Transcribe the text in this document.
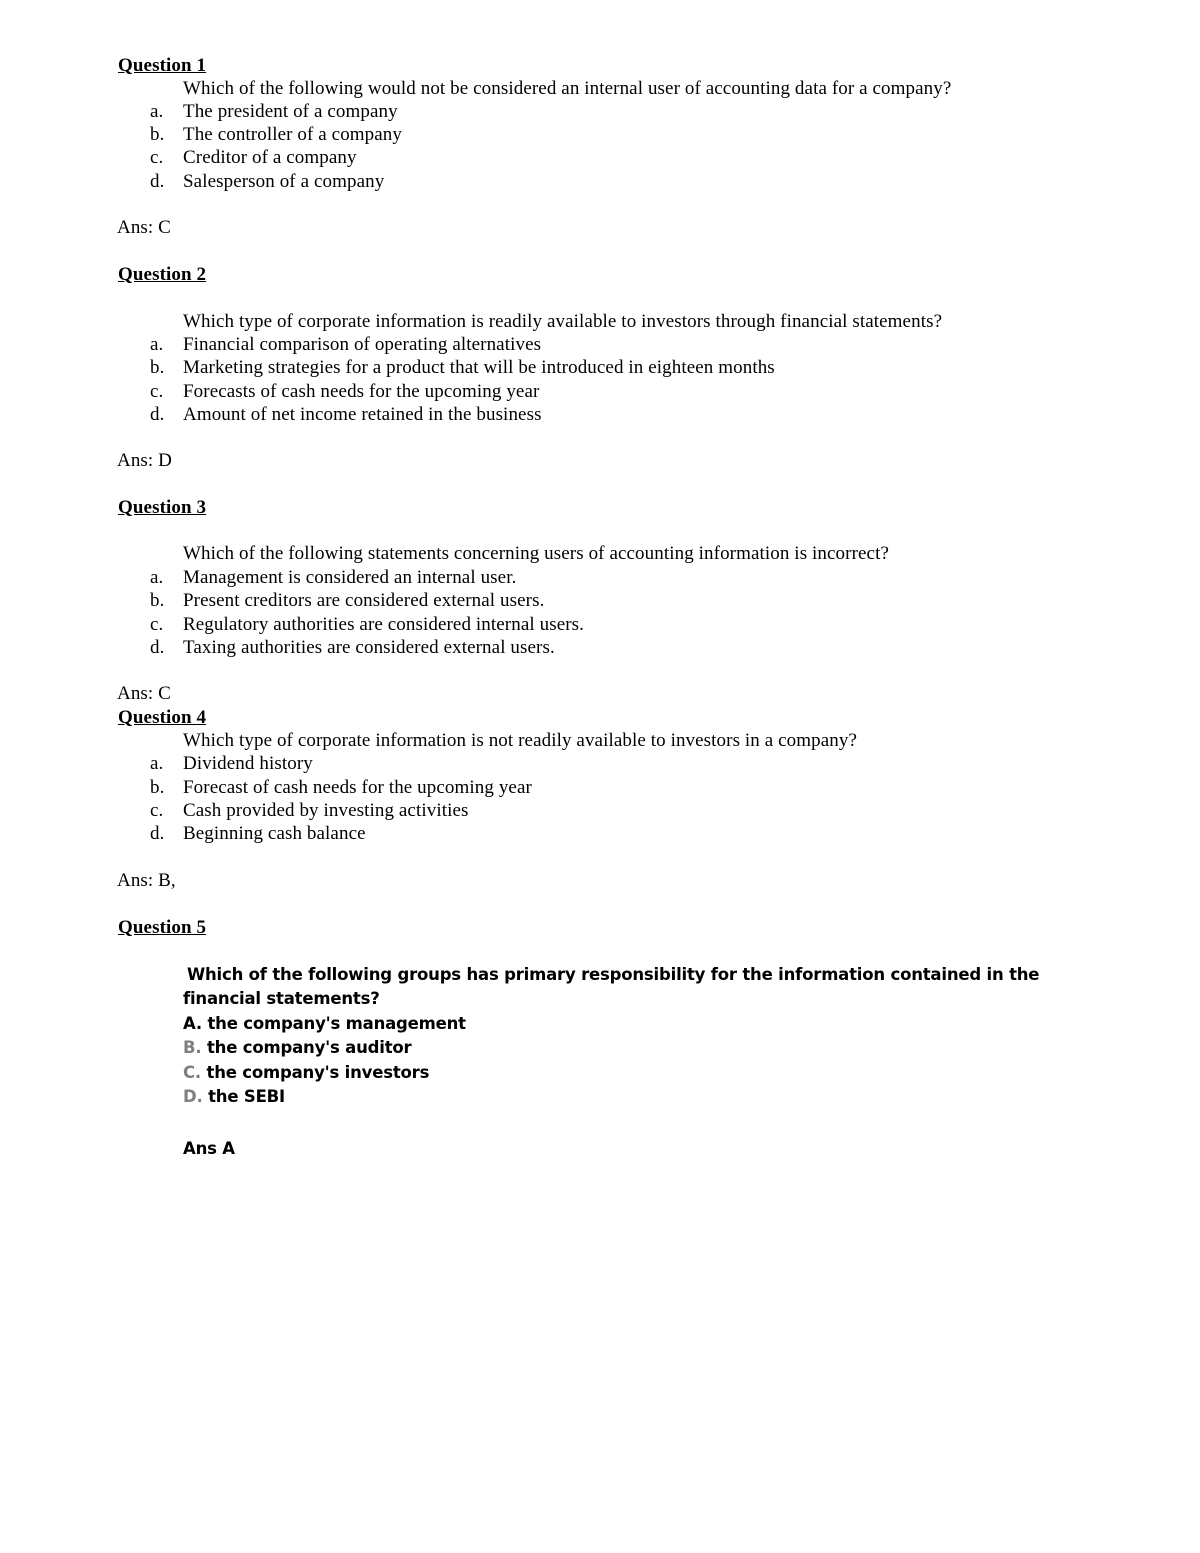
Question 1
Which of the following would not be considered an internal user of accounting data for a company?
a. The president of a company
b. The controller of a company
c. Creditor of a company
d. Salesperson of a company
Ans: C
Question 2
Which type of corporate information is readily available to investors through financial statements?
a. Financial comparison of operating alternatives
b. Marketing strategies for a product that will be introduced in eighteen months
c. Forecasts of cash needs for the upcoming year
d. Amount of net income retained in the business
Ans: D
Question 3
Which of the following statements concerning users of accounting information is incorrect?
a. Management is considered an internal user.
b. Present creditors are considered external users.
c. Regulatory authorities are considered internal users.
d. Taxing authorities are considered external users.
Ans: C
Question 4
Which type of corporate information is not readily available to investors in a company?
a. Dividend history
b. Forecast of cash needs for the upcoming year
c. Cash provided by investing activities
d. Beginning cash balance
Ans: B,
Question 5
Which of the following groups has primary responsibility for the information contained in the
financial statements?
A. the company's management
B. the company's auditor
C. the company's investors
D. the SEBI
Ans A
